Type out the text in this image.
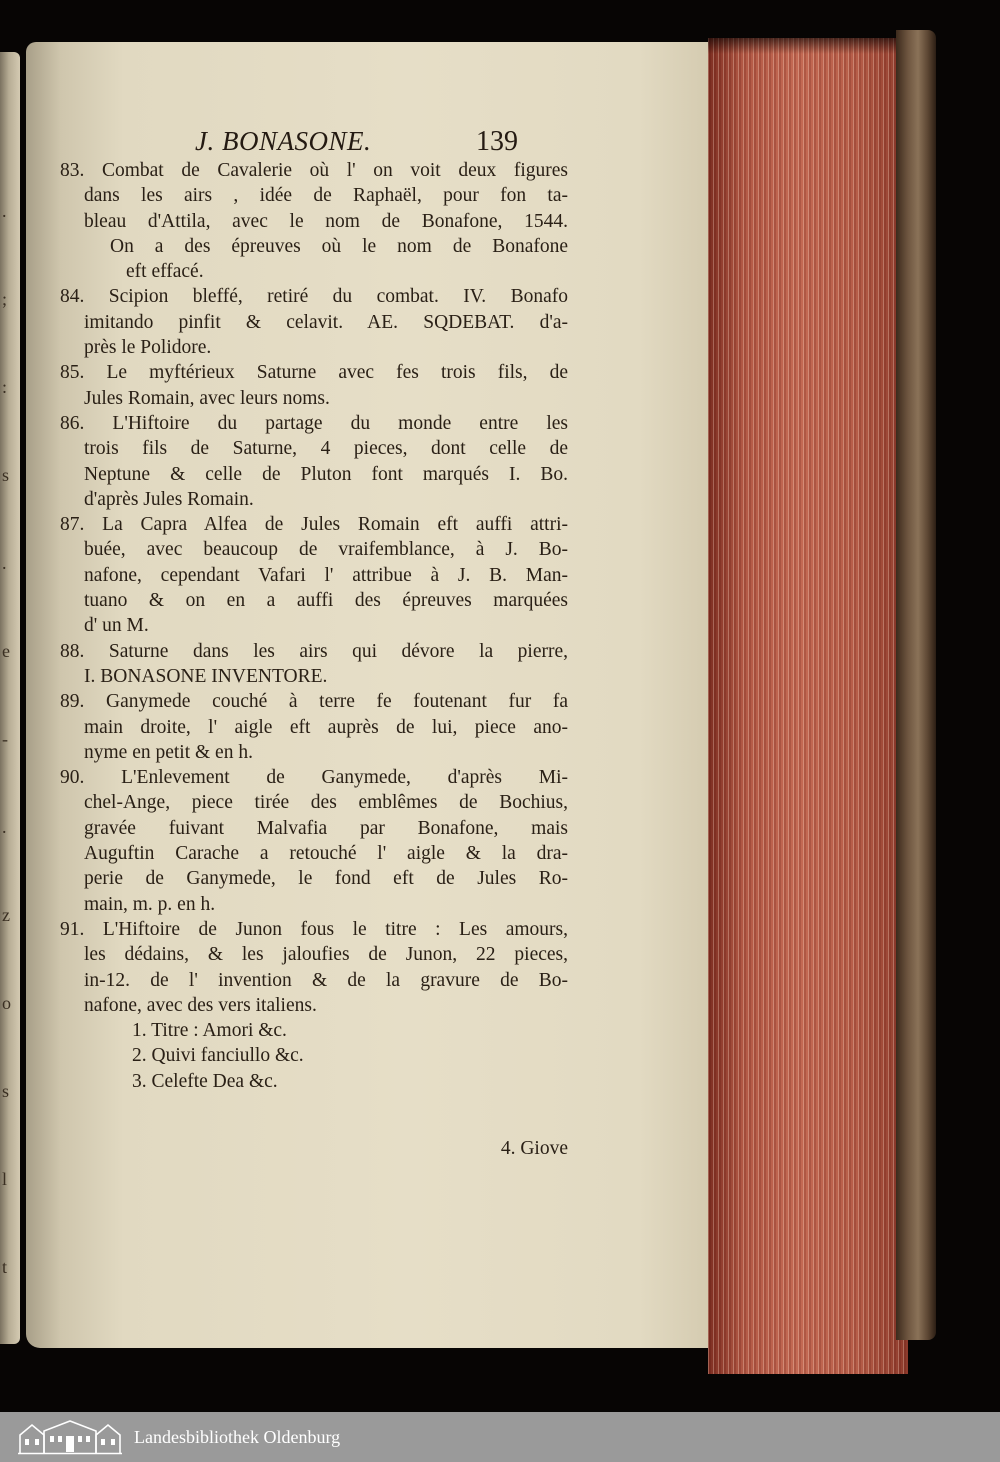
.
;
:
s
.
e
-
.
z
o
s
l
t
J. BONASONE.	139
83. Combat de Cavalerie où l' on voit deux figures
dans les airs , idée de Raphaël, pour fon ta-
bleau d'Attila, avec le nom de Bonafone, 1544.
On a des épreuves où le nom de Bonafone
eft effacé.
84. Scipion bleffé, retiré du combat. IV. Bonafo
imitando pinfit & celavit. AE. SQDEBAT. d'a-
près le Polidore.
85. Le myftérieux Saturne avec fes trois fils, de
Jules Romain, avec leurs noms.
86. L'Hiftoire du partage du monde entre les
trois fils de Saturne, 4 pieces, dont celle de
Neptune & celle de Pluton font marqués I. Bo.
d'après Jules Romain.
87. La Capra Alfea de Jules Romain eft auffi attri-
buée, avec beaucoup de vraifemblance, à J. Bo-
nafone, cependant Vafari l' attribue à J. B. Man-
tuano & on en a auffi des épreuves marquées
d' un M.
88. Saturne dans les airs qui dévore la pierre,
I. BONASONE INVENTORE.
89. Ganymede couché à terre fe foutenant fur fa
main droite, l' aigle eft auprès de lui, piece ano-
nyme en petit & en h.
90. L'Enlevement de Ganymede, d'après Mi-
chel-Ange, piece tirée des emblêmes de Bochius,
gravée fuivant Malvafia par Bonafone, mais
Auguftin Carache a retouché l' aigle & la dra-
perie de Ganymede, le fond eft de Jules Ro-
main, m. p. en h.
91. L'Hiftoire de Junon fous le titre : Les amours,
les dédains, & les jaloufies de Junon, 22 pieces,
in-12. de l' invention & de la gravure de Bo-
nafone, avec des vers italiens.
1. Titre : Amori &c.
2. Quivi fanciullo &c.
3. Celefte Dea &c.
4. Giove
Landesbibliothek Oldenburg
